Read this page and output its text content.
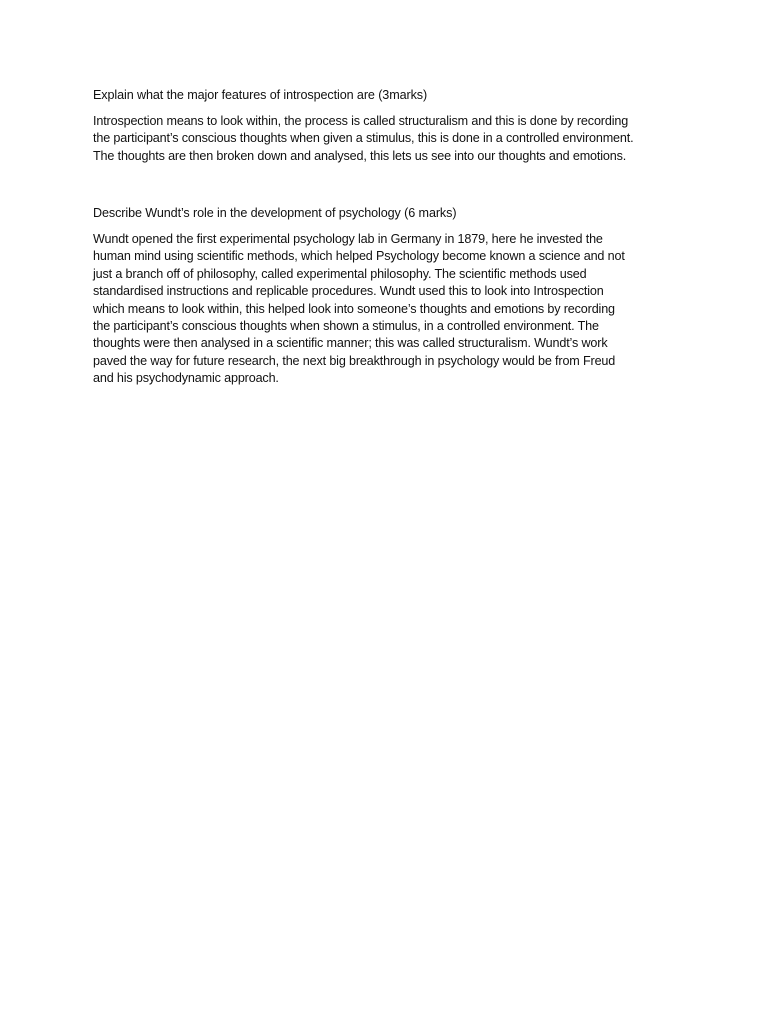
Explain what the major features of introspection are (3marks)

Introspection means to look within, the process is called structuralism and this is done by recording
the participant’s conscious thoughts when given a stimulus, this is done in a controlled environment.
The thoughts are then broken down and analysed, this lets us see into our thoughts and emotions.

Describe Wundt’s role in the development of psychology (6 marks)

Wundt opened the first experimental psychology lab in Germany in 1879, here he invested the
human mind using scientific methods, which helped Psychology become known a science and not
just a branch off of philosophy, called experimental philosophy. The scientific methods used
standardised instructions and replicable procedures. Wundt used this to look into Introspection
which means to look within, this helped look into someone’s thoughts and emotions by recording
the participant’s conscious thoughts when shown a stimulus, in a controlled environment. The
thoughts were then analysed in a scientific manner; this was called structuralism. Wundt’s work
paved the way for future research, the next big breakthrough in psychology would be from Freud
and his psychodynamic approach.
